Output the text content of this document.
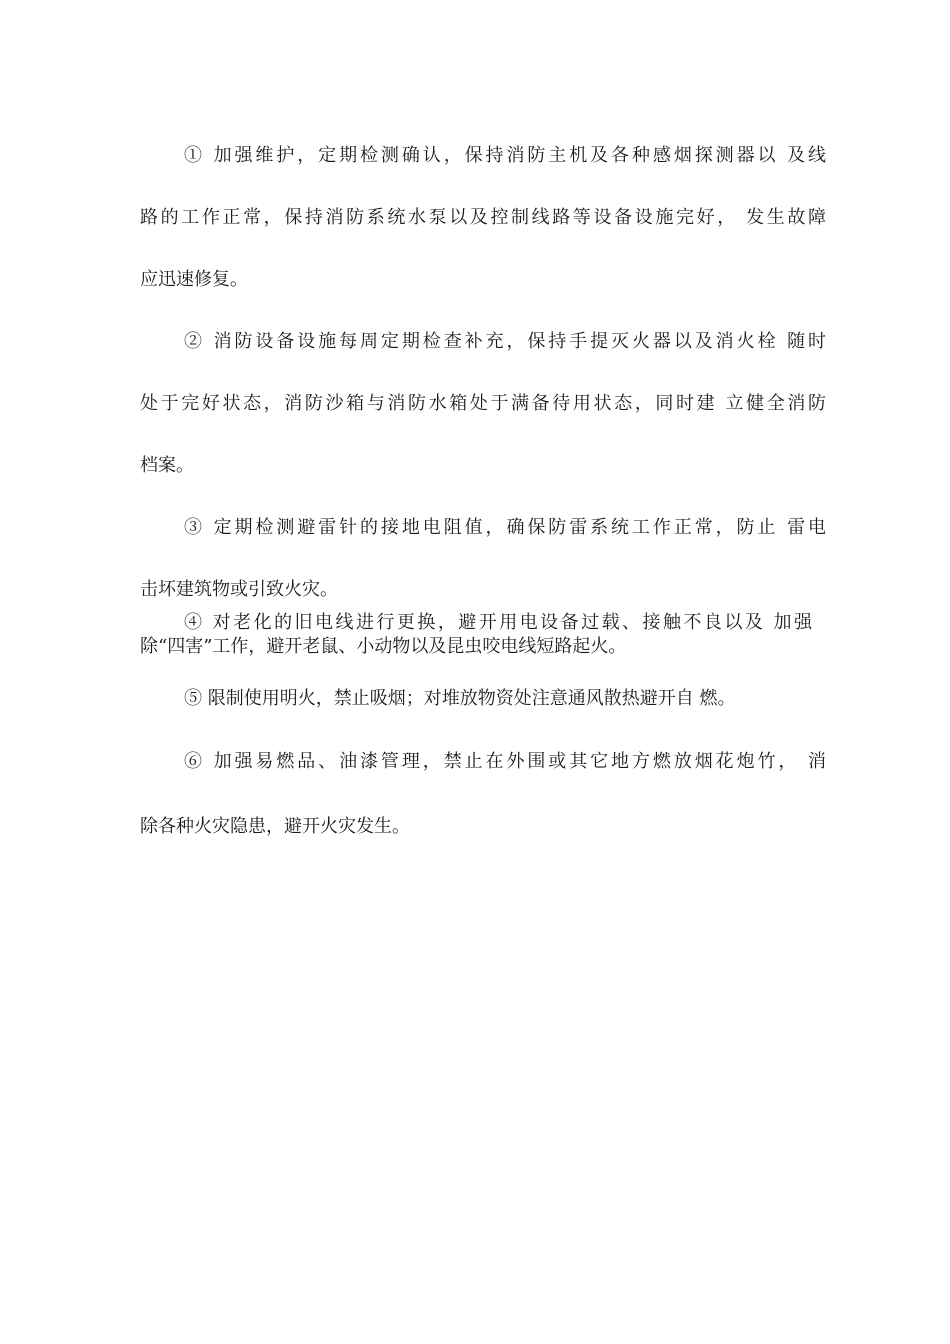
① 加强维护，定期检测确认，保持消防主机及各种感烟探测器以 及线
路的工作正常，保持消防系统水泵以及控制线路等设备设施完好， 发生故障
应迅速修复。
② 消防设备设施每周定期检查补充，保持手提灭火器以及消火栓 随时
处于完好状态，消防沙箱与消防水箱处于满备待用状态，同时建 立健全消防
档案。
③ 定期检测避雷针的接地电阻值，确保防雷系统工作正常，防止 雷电
击坏建筑物或引致火灾。
④ 对老化的旧电线进行更换，避开用电设备过载、接触不良以及 加强
除“四害”工作，避开老鼠、小动物以及昆虫咬电线短路起火。
⑤ 限制使用明火，禁止吸烟；对堆放物资处注意通风散热避开自 燃。
⑥ 加强易燃品、油漆管理，禁止在外围或其它地方燃放烟花炮竹， 消
除各种火灾隐患，避开火灾发生。
